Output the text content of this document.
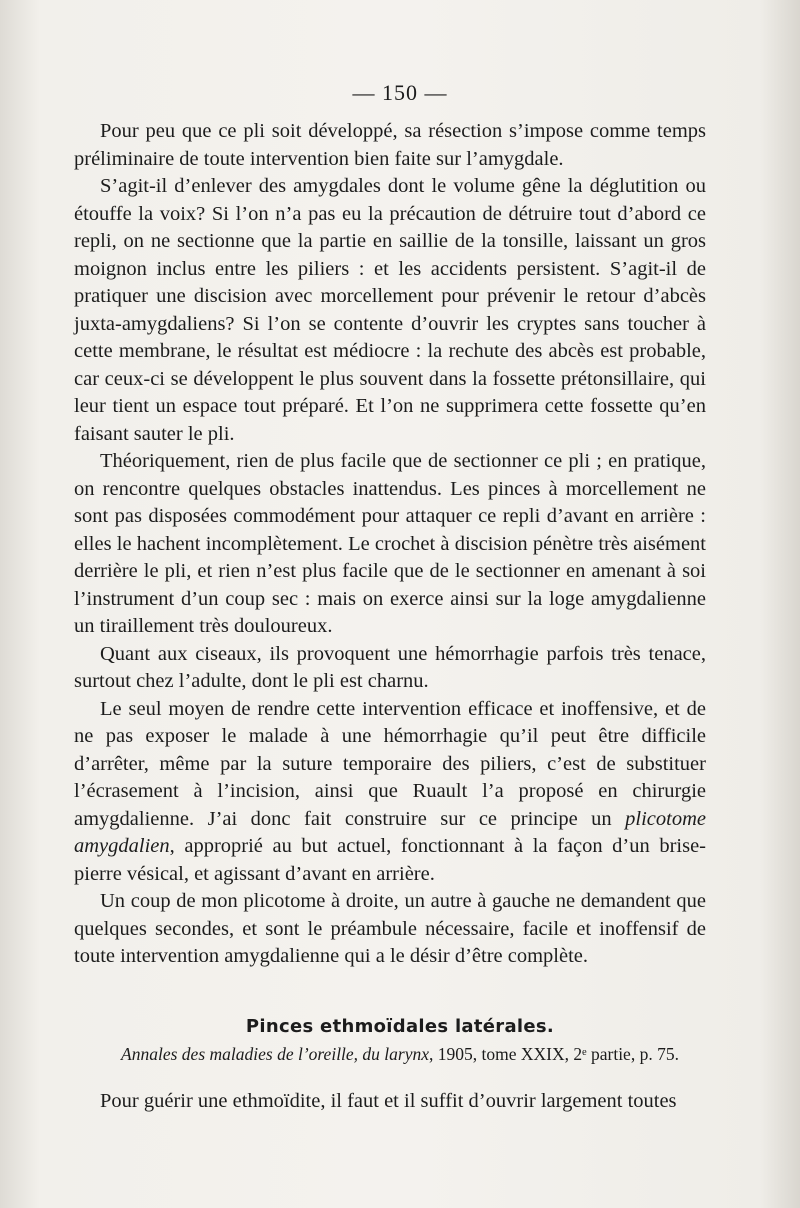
— 150 —

Pour peu que ce pli soit développé, sa résection s’impose comme temps préliminaire de toute intervention bien faite sur l’amygdale.

S’agit-il d’enlever des amygdales dont le volume gêne la déglutition ou étouffe la voix? Si l’on n’a pas eu la précaution de détruire tout d’abord ce repli, on ne sectionne que la partie en saillie de la tonsille, laissant un gros moignon inclus entre les piliers : et les accidents persistent. S’agit-il de pratiquer une discision avec morcellement pour prévenir le retour d’abcès juxta-amygdaliens? Si l’on se contente d’ouvrir les cryptes sans toucher à cette membrane, le résultat est médiocre : la rechute des abcès est probable, car ceux-ci se développent le plus souvent dans la fossette prétonsillaire, qui leur tient un espace tout préparé. Et l’on ne supprimera cette fossette qu’en faisant sauter le pli.

Théoriquement, rien de plus facile que de sectionner ce pli ; en pratique, on rencontre quelques obstacles inattendus. Les pinces à morcellement ne sont pas disposées commodément pour attaquer ce repli d’avant en arrière : elles le hachent incomplètement. Le crochet à discision pénètre très aisément derrière le pli, et rien n’est plus facile que de le sectionner en amenant à soi l’instrument d’un coup sec : mais on exerce ainsi sur la loge amygdalienne un tiraillement très douloureux.

Quant aux ciseaux, ils provoquent une hémorrhagie parfois très tenace, surtout chez l’adulte, dont le pli est charnu.

Le seul moyen de rendre cette intervention efficace et inoffensive, et de ne pas exposer le malade à une hémorrhagie qu’il peut être difficile d’arrêter, même par la suture temporaire des piliers, c’est de substituer l’écrasement à l’incision, ainsi que Ruault l’a proposé en chirurgie amygdalienne. J’ai donc fait construire sur ce principe un plicotome amygdalien, approprié au but actuel, fonctionnant à la façon d’un brise-pierre vésical, et agissant d’avant en arrière.

Un coup de mon plicotome à droite, un autre à gauche ne demandent que quelques secondes, et sont le préambule nécessaire, facile et inoffensif de toute intervention amygdalienne qui a le désir d’être complète.

Pinces ethmoïdales latérales.
Annales des maladies de l’oreille, du larynx, 1905, tome XXIX, 2ᵉ partie, p. 75.
Pour guérir une ethmoïdite, il faut et il suffit d’ouvrir largement toutes
